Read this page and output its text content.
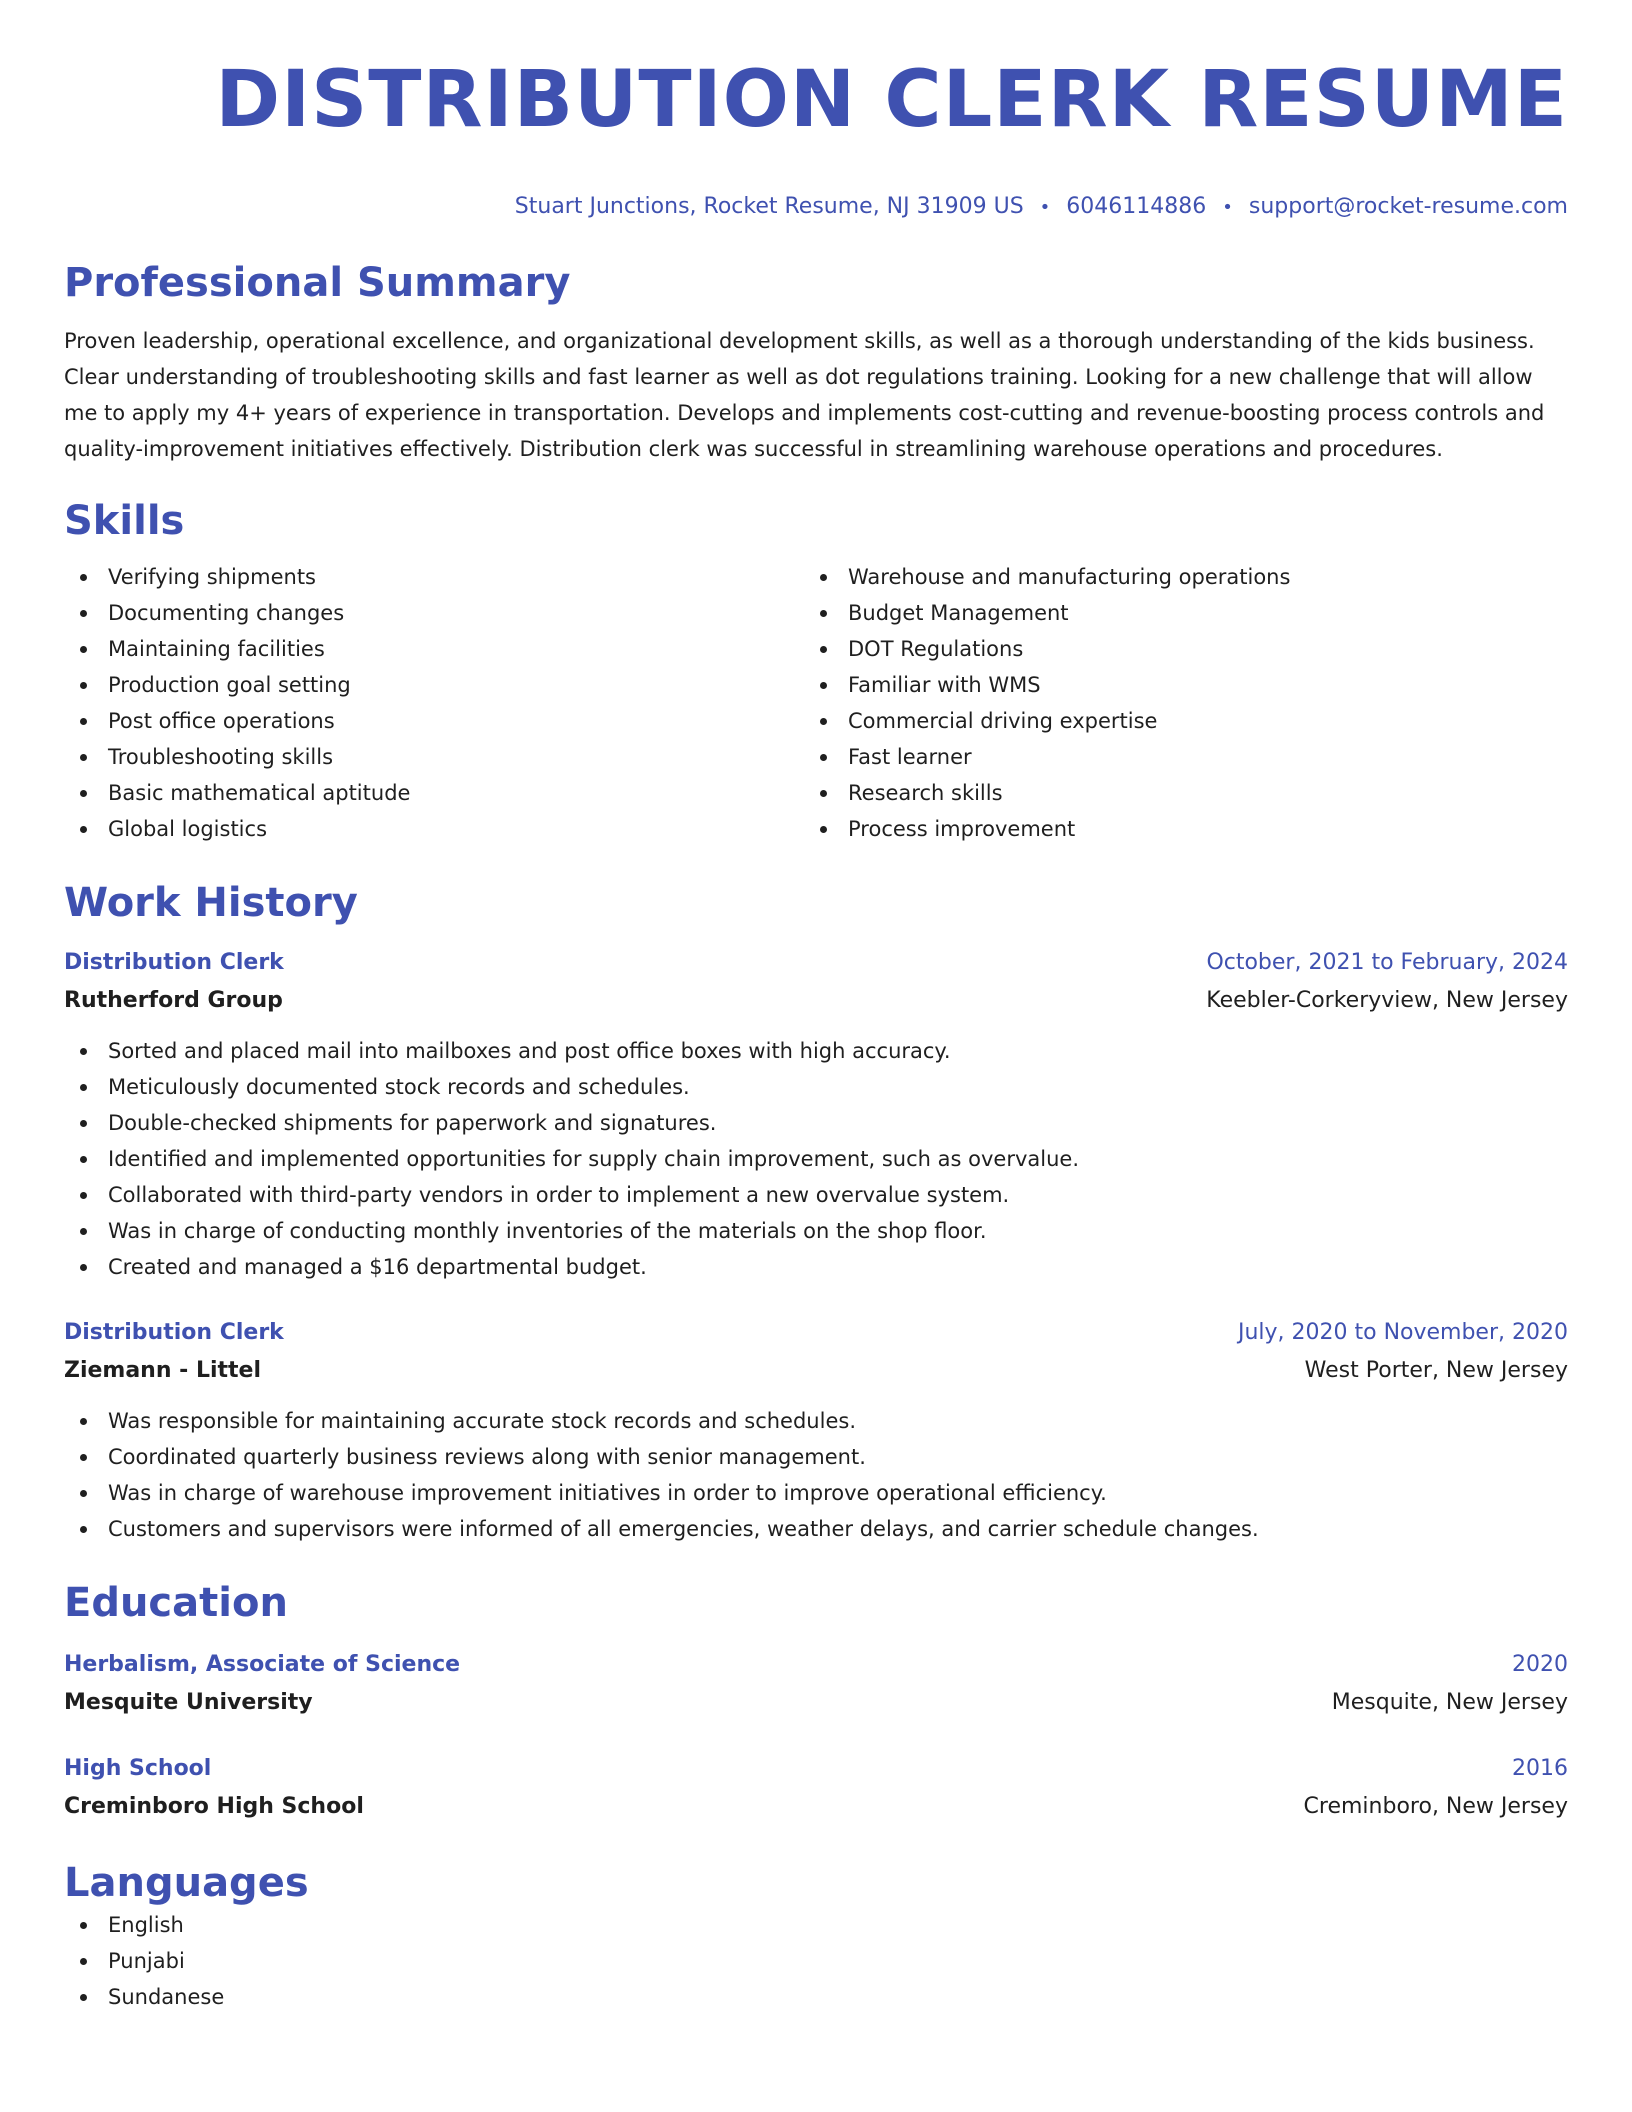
DISTRIBUTION CLERK RESUME
Stuart Junctions, Rocket Resume, NJ 31909 US • 6046114886 • support@rocket-resume.com
Professional Summary

Proven leadership, operational excellence, and organizational development skills, as well as a thorough understanding of the kids business. Clear understanding of troubleshooting skills and fast learner as well as dot regulations training. Looking for a new challenge that will allow me to apply my 4+ years of experience in transportation. Develops and implements cost-cutting and revenue-boosting process controls and quality-improvement initiatives effectively. Distribution clerk was successful in streamlining warehouse operations and procedures.

Skills
Verifying shipments
Documenting changes
Maintaining facilities
Production goal setting
Post office operations
Troubleshooting skills
Basic mathematical aptitude
Global logistics
Warehouse and manufacturing operations
Budget Management
DOT Regulations
Familiar with WMS
Commercial driving expertise
Fast learner
Research skills
Process improvement
Work History
Distribution Clerk	October, 2021 to February, 2024
Rutherford Group	Keebler-Corkeryview, New Jersey
Sorted and placed mail into mailboxes and post office boxes with high accuracy.
Meticulously documented stock records and schedules.
Double-checked shipments for paperwork and signatures.
Identified and implemented opportunities for supply chain improvement, such as overvalue.
Collaborated with third-party vendors in order to implement a new overvalue system.
Was in charge of conducting monthly inventories of the materials on the shop floor.
Created and managed a $16 departmental budget.
Distribution Clerk	July, 2020 to November, 2020
Ziemann - Littel	West Porter, New Jersey
Was responsible for maintaining accurate stock records and schedules.
Coordinated quarterly business reviews along with senior management.
Was in charge of warehouse improvement initiatives in order to improve operational efficiency.
Customers and supervisors were informed of all emergencies, weather delays, and carrier schedule changes.
Education
Herbalism, Associate of Science	2020
Mesquite University	Mesquite, New Jersey
High School	2016
Creminboro High School	Creminboro, New Jersey
Languages
English
Punjabi
Sundanese
